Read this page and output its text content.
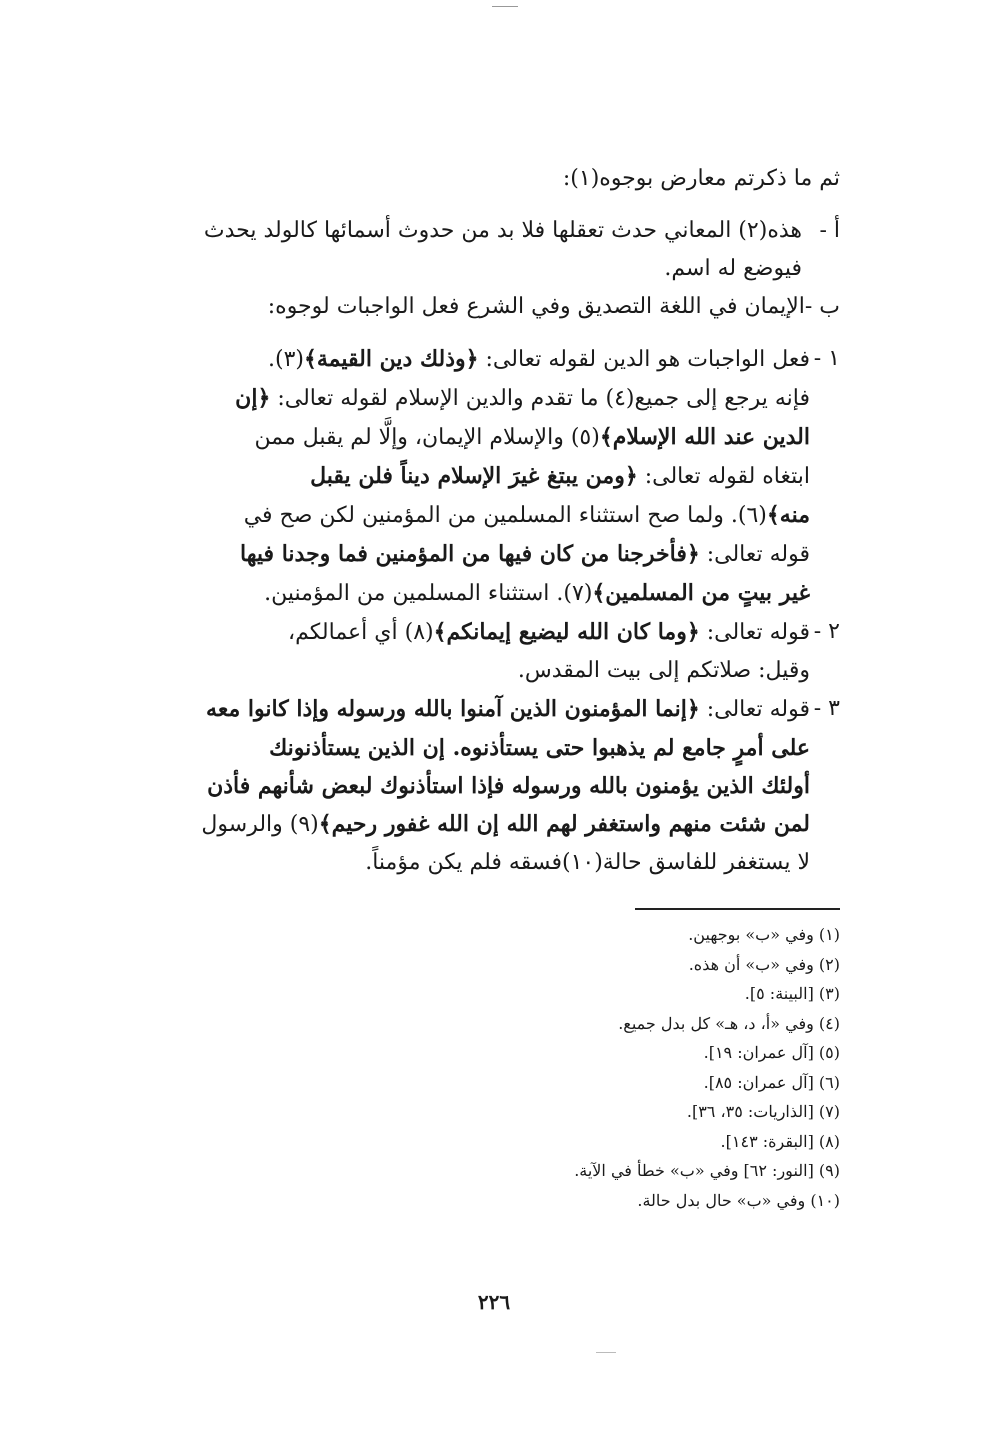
ثم ما ذكرتم معارض بوجوه(١):
أ -
هذه(٢) المعاني حدث تعقلها فلا بد من حدوث أسمائها كالولد يحدث
فيوضع له اسم.
ب -
الإيمان في اللغة التصديق وفي الشرع فعل الواجبات لوجوه:
١ -
فعل الواجبات هو الدين لقوله تعالى: ﴿وذلك دين القيمة﴾(٣).
فإنه يرجع إلى جميع(٤) ما تقدم والدين الإسلام لقوله تعالى: ﴿إن
الدين عند الله الإسلام﴾(٥) والإسلام الإيمان، وإلَّا لم يقبل ممن
ابتغاه لقوله تعالى: ﴿ومن يبتغ غيرَ الإسلام ديناً فلن يقبل
منه﴾(٦). ولما صح استثناء المسلمين من المؤمنين لكن صح في
قوله تعالى: ﴿فأخرجنا من كان فيها من المؤمنين فما وجدنا فيها
غير بيتٍ من المسلمين﴾(٧). استثناء المسلمين من المؤمنين.
٢ -
قوله تعالى: ﴿وما كان الله ليضيع إيمانكم﴾(٨) أي أعمالكم،
وقيل: صلاتكم إلى بيت المقدس.
٣ -
قوله تعالى: ﴿إنما المؤمنون الذين آمنوا بالله ورسوله وإذا كانوا معه
على أمرٍ جامع لم يذهبوا حتى يستأذنوه. إن الذين يستأذنونك
أولئك الذين يؤمنون بالله ورسوله فإذا استأذنوك لبعض شأنهم فأذن
لمن شئت منهم واستغفر لهم الله إن الله غفور رحيم﴾(٩) والرسول
لا يستغفر للفاسق حالة(١٠)فسقه فلم يكن مؤمناً.
(١) وفي «ب» بوجهين.
(٢) وفي «ب» أن هذه.
(٣) [البينة: ٥].
(٤) وفي «أ، د، هـ» كل بدل جميع.
(٥) [آل عمران: ١٩].
(٦) [آل عمران: ٨٥].
(٧) [الذاريات: ٣٥، ٣٦].
(٨) [البقرة: ١٤٣].
(٩) [النور: ٦٢] وفي «ب» خطأ في الآية.
(١٠) وفي «ب» حال بدل حالة.
٢٢٦
